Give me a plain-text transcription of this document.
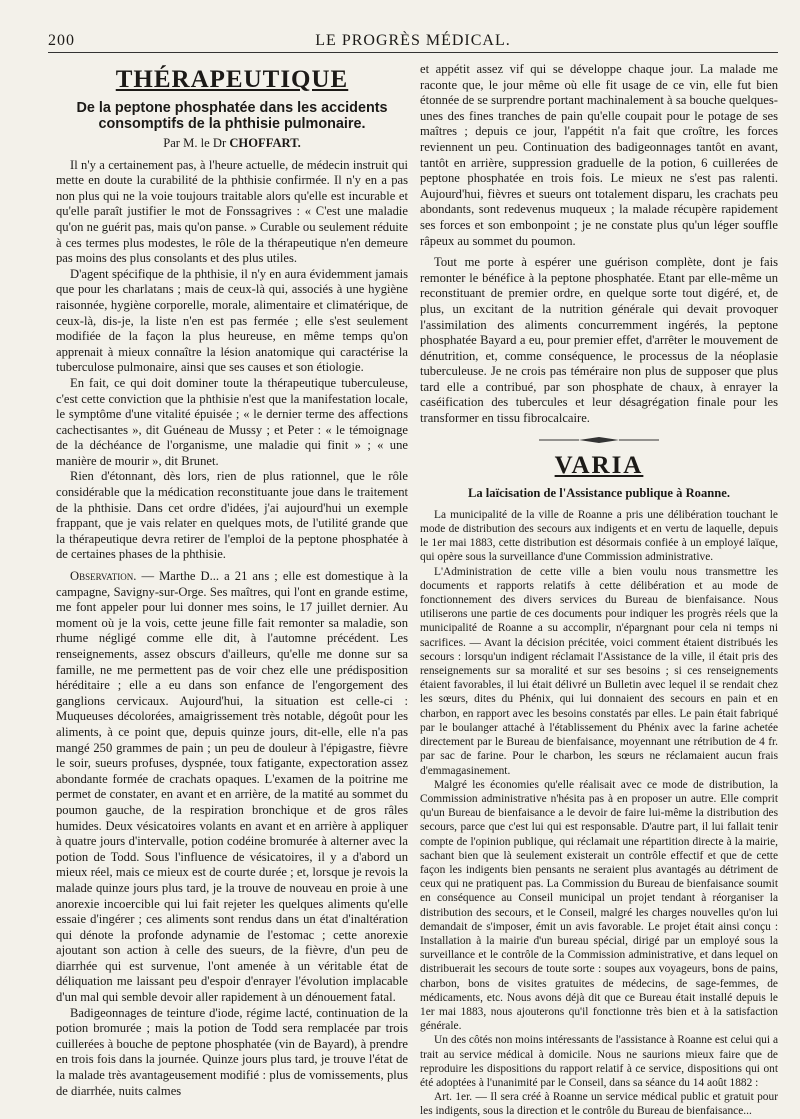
200	LE PROGRÈS MÉDICAL.
THÉRAPEUTIQUE
De la peptone phosphatée dans les accidents consomptifs de la phthisie pulmonaire.
Par M. le Dr CHOFFART.

Il n'y a certainement pas, à l'heure actuelle, de médecin instruit qui mette en doute la curabilité de la phthisie confirmée. Il n'y en a pas non plus qui ne la voie toujours traitable alors qu'elle est incurable et qu'elle paraît justifier le mot de Fonssagrives : « C'est une maladie qu'on ne guérit pas, mais qu'on panse. » Curable ou seulement réduite à ces termes plus modestes, le rôle de la thérapeutique n'en demeure pas moins des plus consolants et des plus utiles.

D'agent spécifique de la phthisie, il n'y en aura évidemment jamais que pour les charlatans ; mais de ceux-là qui, associés à une hygiène raisonnée, hygiène corporelle, morale, alimentaire et climatérique, de ceux-là, dis-je, la liste n'en est pas fermée ; elle s'est seulement modifiée de la façon la plus heureuse, en même temps qu'on apprenait à mieux connaître la lésion anatomique qui caractérise la tuberculose pulmonaire, ainsi que ses causes et son étiologie.

En fait, ce qui doit dominer toute la thérapeutique tuberculeuse, c'est cette conviction que la phthisie n'est que la manifestation locale, le symptôme d'une vitalité épuisée ; « le dernier terme des affections cachectisantes », dit Guéneau de Mussy ; et Peter : « le témoignage de la déchéance de l'organisme, une maladie qui finit » ; « une manière de mourir », dit Brunet.

Rien d'étonnant, dès lors, rien de plus rationnel, que le rôle considérable que la médication reconstituante joue dans le traitement de la phthisie. Dans cet ordre d'idées, j'ai aujourd'hui un exemple frappant, que je vais relater en quelques mots, de l'utilité grande que la thérapeutique devra retirer de l'emploi de la peptone phosphatée à de certaines phases de la phthisie.

Observation. — Marthe D... a 21 ans ; elle est domestique à la campagne, Savigny-sur-Orge. Ses maîtres, qui l'ont en grande estime, me font appeler pour lui donner mes soins, le 17 juillet dernier. Au moment où je la vois, cette jeune fille fait remonter sa maladie, son rhume négligé comme elle dit, à l'automne précédent. Les renseignements, assez obscurs d'ailleurs, qu'elle me donne sur sa famille, ne me permettent pas de voir chez elle une prédisposition héréditaire ; elle a eu dans son enfance de l'engorgement des ganglions cervicaux. Aujourd'hui, la situation est celle-ci : Muqueuses décolorées, amaigrissement très notable, dégoût pour les aliments, à ce point que, depuis quinze jours, dit-elle, elle n'a pas mangé 250 grammes de pain ; un peu de douleur à l'épigastre, fièvre le soir, sueurs profuses, dyspnée, toux fatigante, expectoration assez abondante formée de crachats opaques. L'examen de la poitrine me permet de constater, en avant et en arrière, de la matité au sommet du poumon gauche, de la respiration bronchique et de gros râles humides. Deux vésicatoires volants en avant et en arrière à appliquer à quatre jours d'intervalle, potion codéine bromurée à alterner avec la potion de Todd. Sous l'influence de vésicatoires, il y a d'abord un mieux réel, mais ce mieux est de courte durée ; et, lorsque je revois la malade quinze jours plus tard, je la trouve de nouveau en proie à une anorexie incoercible qui lui fait rejeter les quelques aliments qu'elle essaie d'ingérer ; ces aliments sont rendus dans un état d'inaltération qui dénote la profonde adynamie de l'estomac ; cette anorexie ajoutant son action à celle des sueurs, de la fièvre, d'un peu de diarrhée qui est survenue, l'ont amenée à un véritable état de déliquation me laissant peu d'espoir d'enrayer l'évolution implacable d'un mal qui semble devoir aller rapidement à un dénouement fatal.

Badigeonnages de teinture d'iode, régime lacté, continuation de la potion bromurée ; mais la potion de Todd sera remplacée par trois cuillerées à bouche de peptone phosphatée (vin de Bayard), à prendre en trois fois dans la journée. Quinze jours plus tard, je trouve l'état de la malade très avantageusement modifié : plus de vomissements, plus de diarrhée, nuits calmes

et appétit assez vif qui se développe chaque jour. La malade me raconte que, le jour même où elle fit usage de ce vin, elle fut bien étonnée de se surprendre portant machinalement à sa bouche quelques-unes des fines tranches de pain qu'elle coupait pour le potage de ses maîtres ; depuis ce jour, l'appétit n'a fait que croître, les forces reviennent un peu. Continuation des badigeonnages tantôt en avant, tantôt en arrière, suppression graduelle de la potion, 6 cuillerées de peptone phosphatée en trois fois. Le mieux ne s'est pas ralenti. Aujourd'hui, fièvres et sueurs ont totalement disparu, les crachats peu abondants, sont redevenus muqueux ; la malade récupère rapidement ses forces et son embonpoint ; je ne constate plus qu'un léger souffle râpeux au sommet du poumon.

Tout me porte à espérer une guérison complète, dont je fais remonter le bénéfice à la peptone phosphatée. Etant par elle-même un reconstituant de premier ordre, en quelque sorte tout digéré, et, de plus, un excitant de la nutrition générale qui devait provoquer l'assimilation des aliments concurremment ingérés, la peptone phosphatée Bayard a eu, pour premier effet, d'arrêter le mouvement de dénutrition, et, comme conséquence, le processus de la néoplasie tuberculeuse. Je ne crois pas téméraire non plus de supposer que plus tard elle a contribué, par son phosphate de chaux, à enrayer la caséification des tubercules et leur désagrégation finale pour les transformer en tissu fibrocalcaire.

VARIA
La laïcisation de l'Assistance publique à Roanne.

La municipalité de la ville de Roanne a pris une délibération touchant le mode de distribution des secours aux indigents et en vertu de laquelle, depuis le 1er mai 1883, cette distribution est désormais confiée à un employé laïque, qui opère sous la surveillance d'une Commission administrative.

L'Administration de cette ville a bien voulu nous transmettre les documents et rapports relatifs à cette délibération et au mode de fonctionnement des divers services du Bureau de bienfaisance. Nous utiliserons une partie de ces documents pour indiquer les progrès réels que la municipalité de Roanne a su accomplir, n'épargnant pour cela ni temps ni sacrifices. — Avant la décision précitée, voici comment étaient distribués les secours : lorsqu'un indigent réclamait l'Assistance de la ville, il était pris des renseignements sur sa moralité et sur ses besoins ; si ces renseignements étaient favorables, il lui était délivré un Bulletin avec lequel il se rendait chez les sœurs, dites du Phénix, qui lui donnaient des secours en pain et en charbon, en rapport avec les besoins constatés par elles. Le pain était fabriqué par le boulanger attaché à l'établissement du Phénix avec la farine achetée directement par le Bureau de bienfaisance, moyennant une rétribution de 4 fr. par sac de farine. Pour le charbon, les sœurs ne réclamaient aucun frais d'emmagasinement.

Malgré les économies qu'elle réalisait avec ce mode de distribution, la Commission administrative n'hésita pas à en proposer un autre. Elle comprit qu'un Bureau de bienfaisance a le devoir de faire lui-même la distribution des secours, parce que c'est lui qui est responsable. D'autre part, il lui fallait tenir compte de l'opinion publique, qui réclamait une répartition directe à la mairie, sachant bien que là seulement existerait un contrôle effectif et que de cette façon les indigents bien pensants ne seraient plus avantagés au détriment de ceux qui ne pratiquent pas. La Commission du Bureau de bienfaisance soumit en conséquence au Conseil municipal un projet tendant à réorganiser la distribution des secours, et le Conseil, malgré les charges nouvelles qu'on lui demandait de s'imposer, émit un avis favorable. Le projet était ainsi conçu : Installation à la mairie d'un bureau spécial, dirigé par un employé sous la surveillance et le contrôle de la Commission administrative, et dans lequel on distribuerait les secours de toute sorte : soupes aux voyageurs, bons de pains, charbon, bons de visites gratuites de médecins, de sage-femmes, de médicaments, etc. Nous avons déjà dit que ce Bureau était installé depuis le 1er mai 1883, nous ajouterons qu'il fonctionne très bien et à la satisfaction générale.

Un des côtés non moins intéressants de l'assistance à Roanne est celui qui a trait au service médical à domicile. Nous ne saurions mieux faire que de reproduire les dispositions du rapport relatif à ce service, dispositions qui ont été adoptées à l'unanimité par le Conseil, dans sa séance du 14 août 1882 :

Art. 1er. — Il sera créé à Roanne un service médical public et gratuit pour les indigents, sous la direction et le contrôle du Bureau de bienfaisance...
